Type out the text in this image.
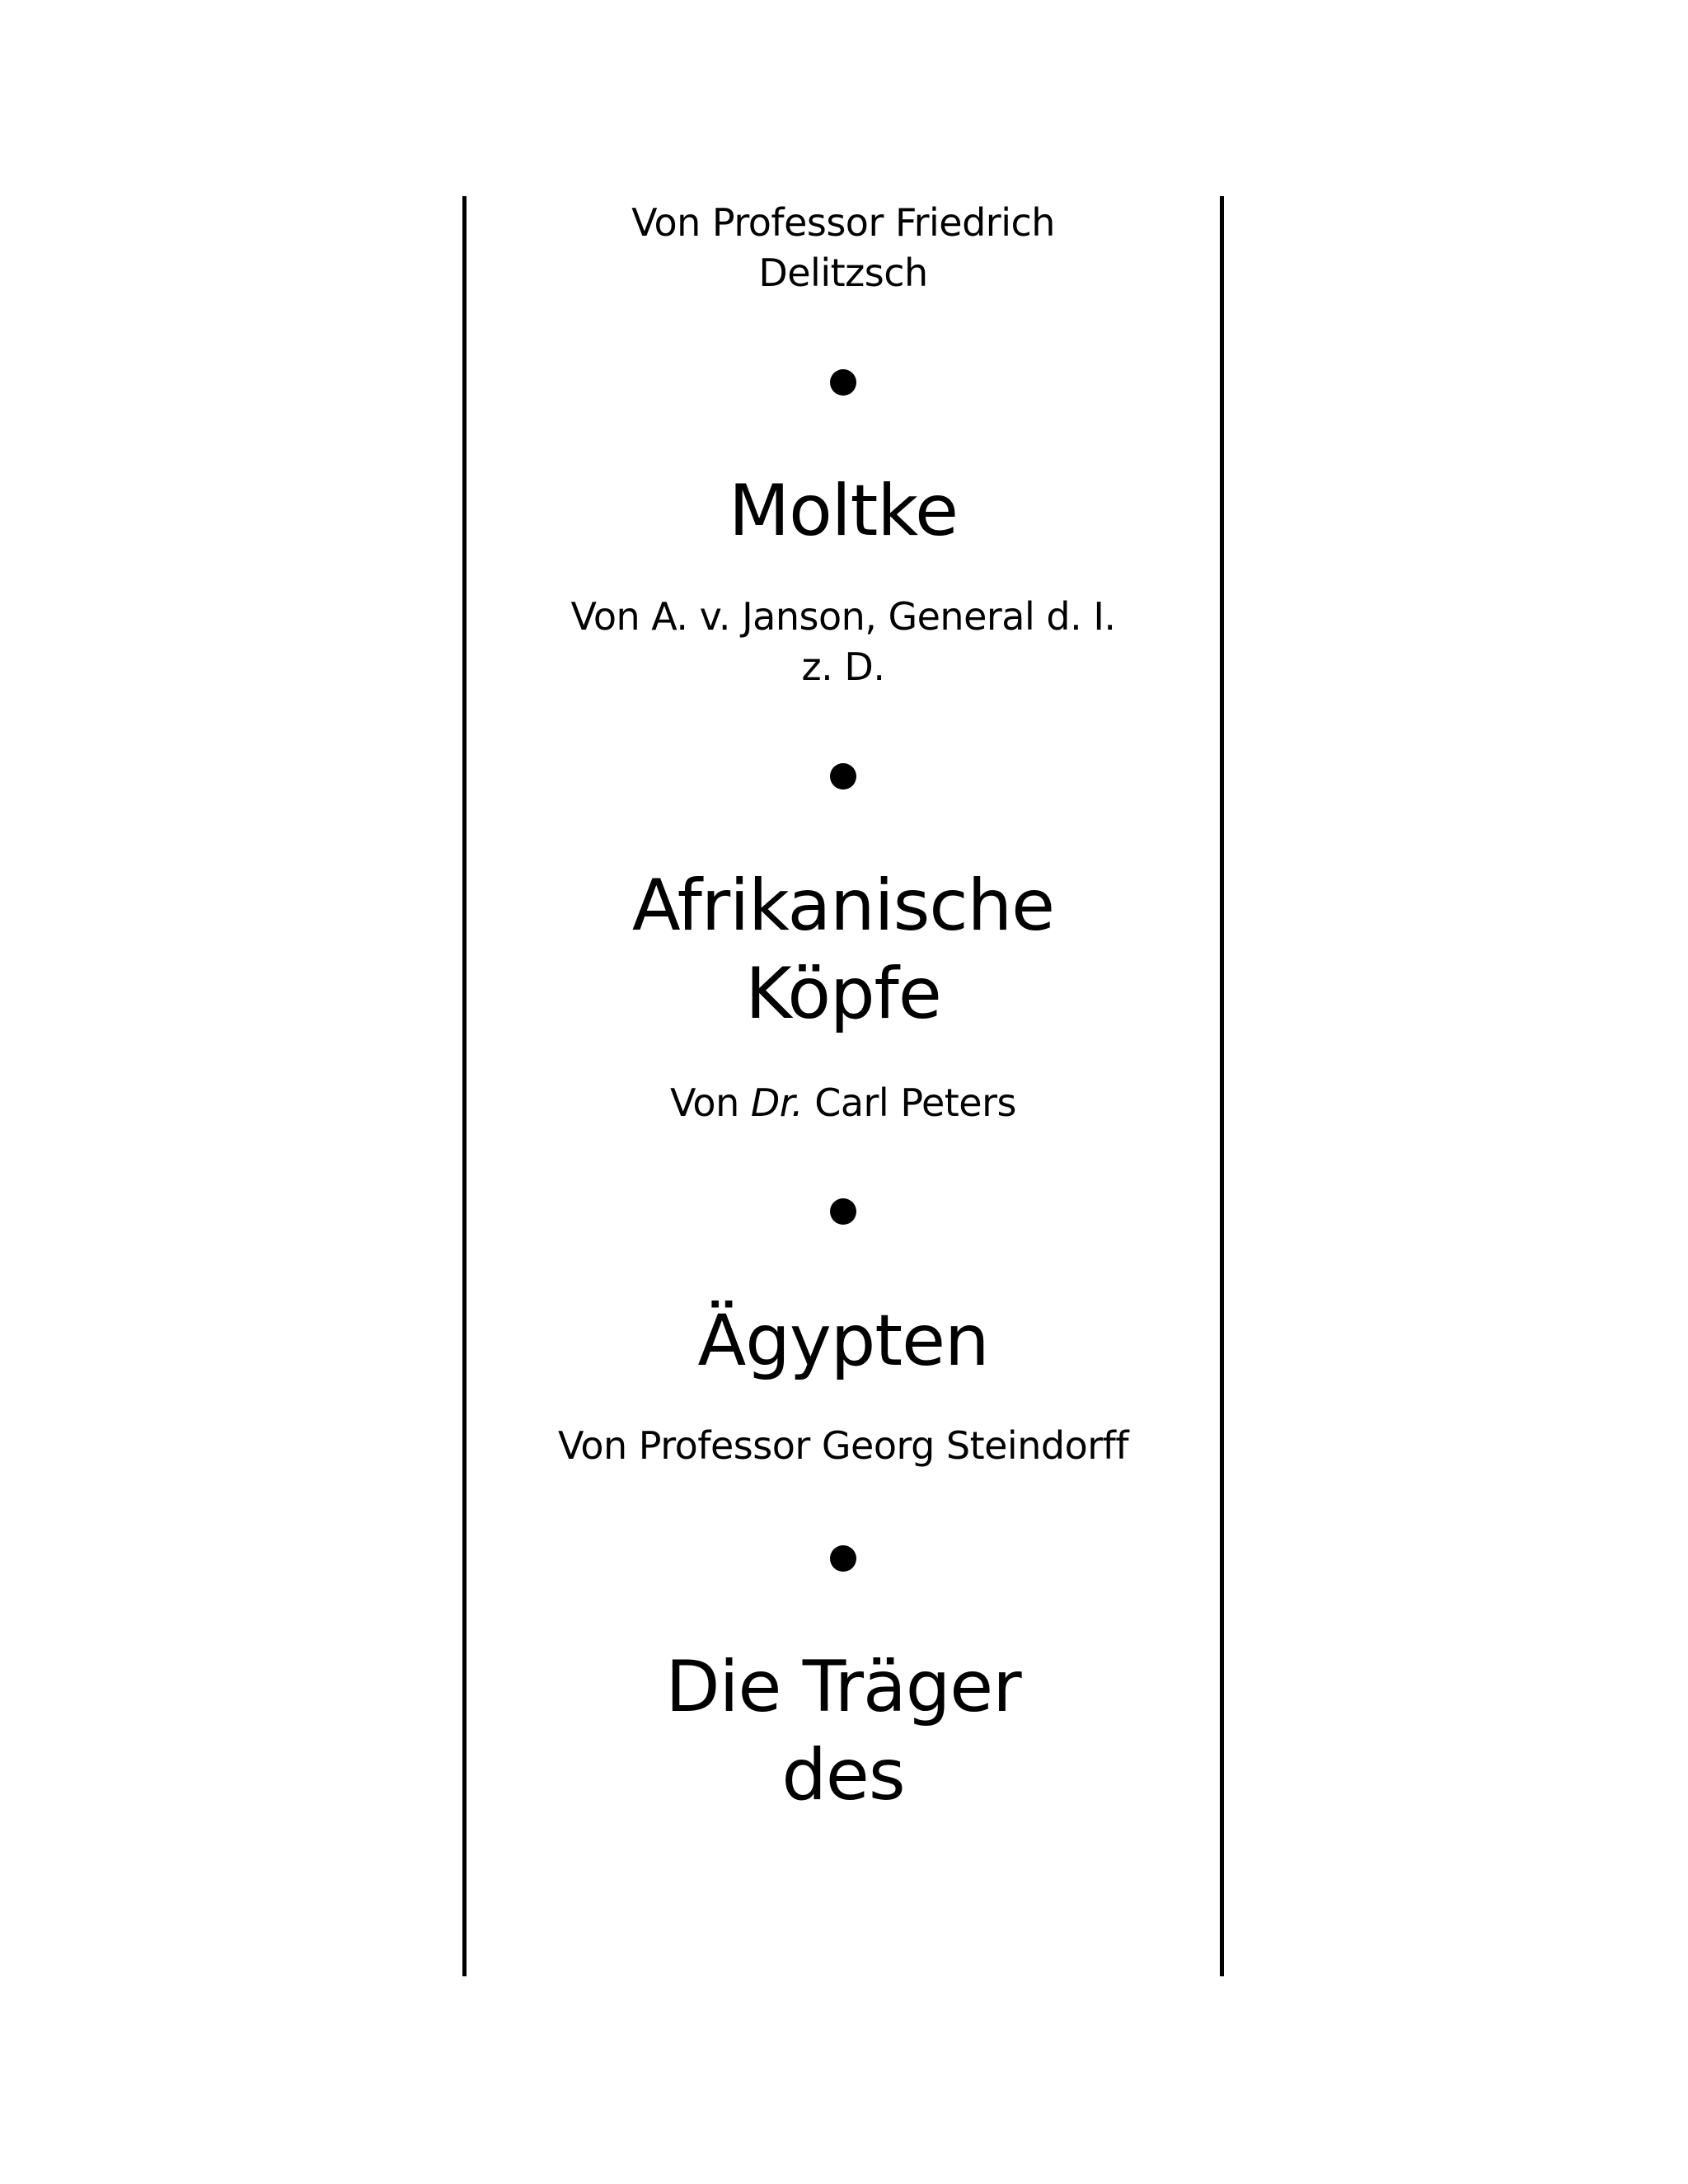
Von Professor Friedrich
Delitzsch
Moltke
Von A. v. Janson, General d. I.
z. D.
Afrikanische
Köpfe
Von Dr. Carl Peters
Ägypten
Von Professor Georg Steindorff
Die Träger
des
